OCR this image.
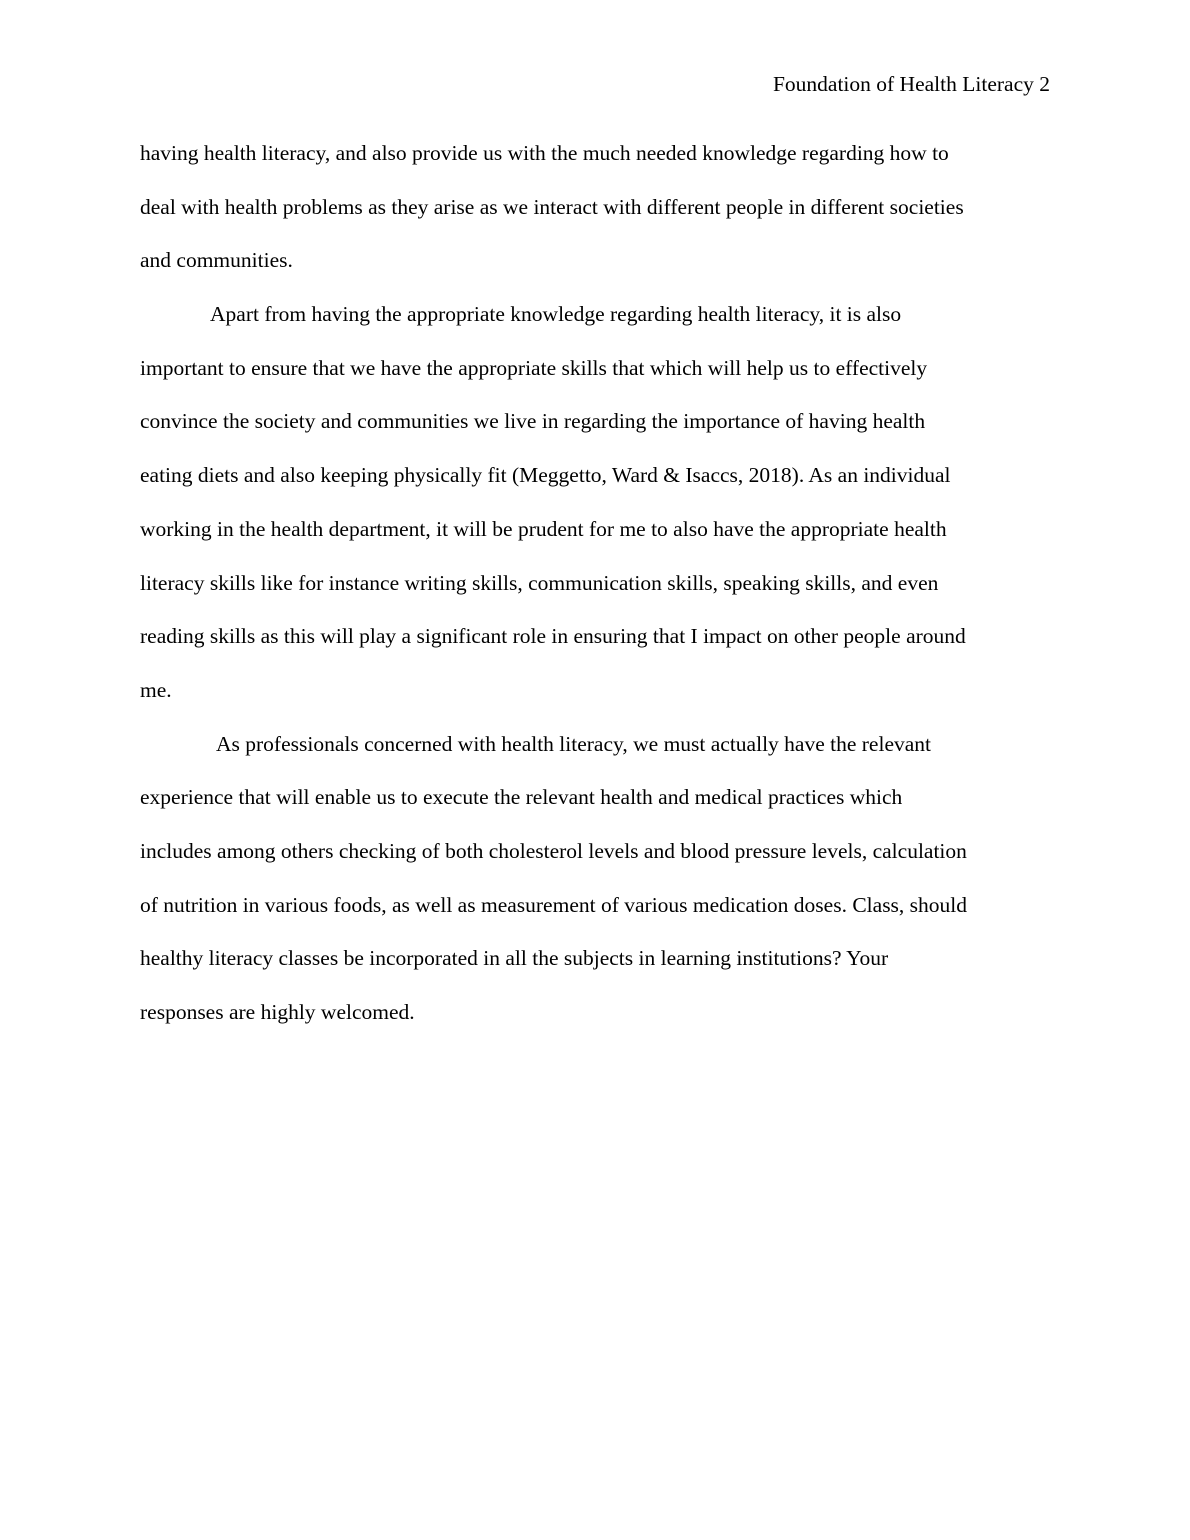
Foundation of Health Literacy 2
having health literacy, and also provide us with the much needed knowledge regarding how to
deal with health problems as they arise as we interact with different people in different societies
and communities.
Apart from having the appropriate knowledge regarding health literacy, it is also
important to ensure that we have the appropriate skills that which will help us to effectively
convince the society and communities we live in regarding the importance of having health
eating diets and also keeping physically fit (Meggetto, Ward & Isaccs, 2018). As an individual
working in the health department, it will be prudent for me to also have the appropriate health
literacy skills like for instance writing skills, communication skills, speaking skills, and even
reading skills as this will play a significant role in ensuring that I impact on other people around
me.
As professionals concerned with health literacy, we must actually have the relevant
experience that will enable us to execute the relevant health and medical practices which
includes among others checking of both cholesterol levels and blood pressure levels, calculation
of nutrition in various foods, as well as measurement of various medication doses. Class, should
healthy literacy classes be incorporated in all the subjects in learning institutions? Your
responses are highly welcomed.
